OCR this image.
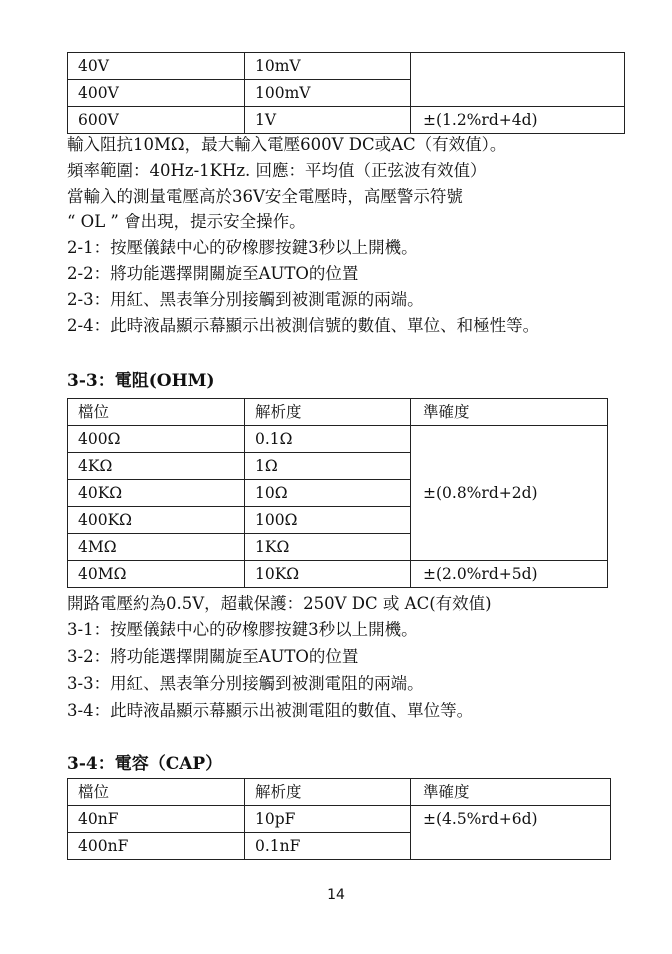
40V	10mV	
400V	100mV	
600V	1V	±(1.2%rd+4d)
輸入阻抗10MΩ，最大輸入電壓600V DC或AC（有效值）。
頻率範圍：40Hz-1KHz. 回應：平均值（正弦波有效值）
當輸入的測量電壓高於36V安全電壓時，高壓警示符號
“ OL ” 會出現，提示安全操作。
2-1：按壓儀錶中心的矽橡膠按鍵3秒以上開機。
2-2：將功能選擇開關旋至AUTO的位置
2-3：用紅、黑表筆分別接觸到被測電源的兩端。
2-4：此時液晶顯示幕顯示出被測信號的數值、單位、和極性等。
3-3：電阻(OHM)
檔位	解析度	準確度
400Ω	0.1Ω	±(0.8%rd+2d)
4KΩ	1Ω	
40KΩ	10Ω	
400KΩ	100Ω	
4MΩ	1KΩ	
40MΩ	10KΩ	±(2.0%rd+5d)
開路電壓約為0.5V，超載保護：250V DC 或 AC(有效值)
3-1：按壓儀錶中心的矽橡膠按鍵3秒以上開機。
3-2：將功能選擇開關旋至AUTO的位置
3-3：用紅、黑表筆分別接觸到被測電阻的兩端。
3-4：此時液晶顯示幕顯示出被測電阻的數值、單位等。
3-4：電容（CAP）
檔位	解析度	準確度
40nF	10pF	±(4.5%rd+6d)
400nF	0.1nF	
14
